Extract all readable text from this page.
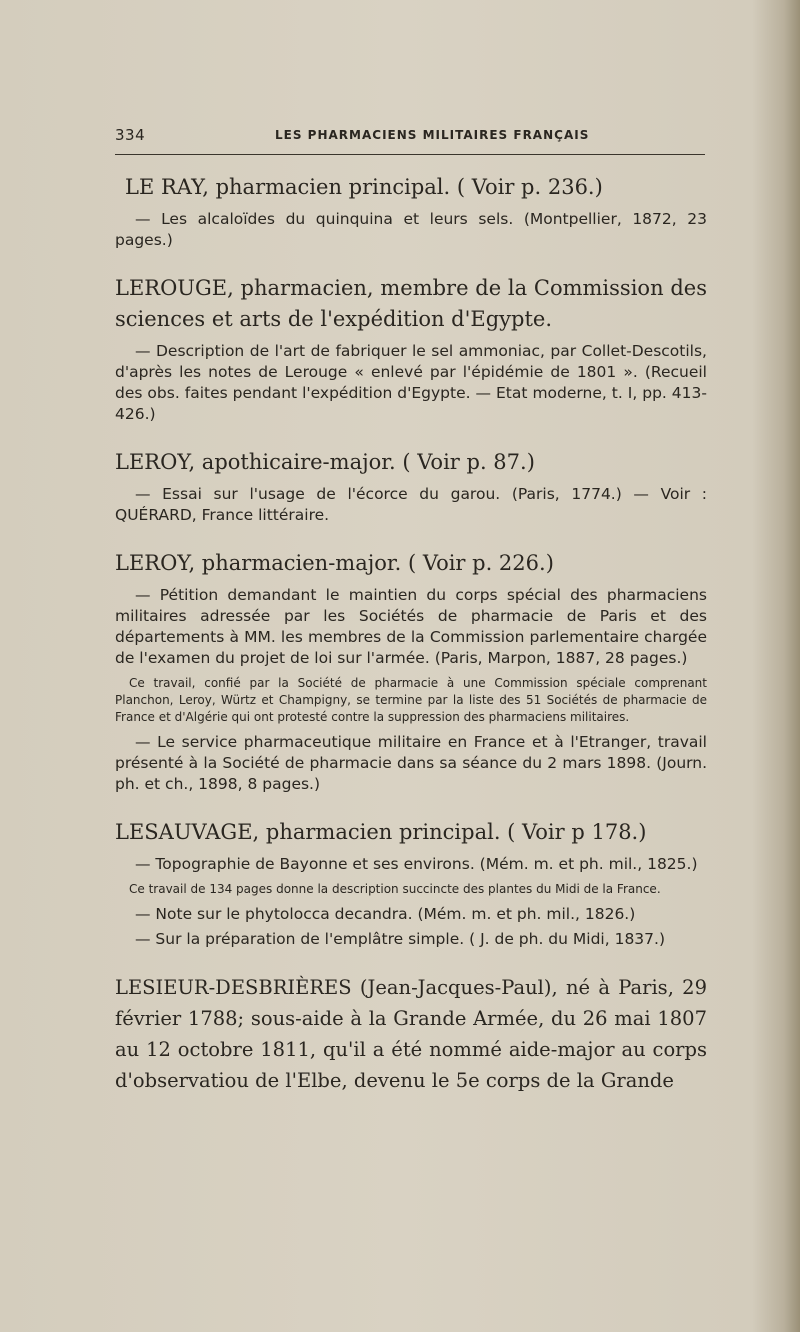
334	LES PHARMACIENS MILITAIRES FRANÇAIS
LE RAY, pharmacien principal. ( Voir p. 236.)

— Les alcaloïdes du quinquina et leurs sels. (Montpellier, 1872, 23 pages.)

LEROUGE, pharmacien, membre de la Commission des sciences et arts de l'expédition d'Egypte.

— Description de l'art de fabriquer le sel ammoniac, par Collet-Descotils, d'après les notes de Lerouge « enlevé par l'épidémie de 1801 ». (Recueil des obs. faites pendant l'expédition d'Egypte. — Etat moderne, t. I, pp. 413-426.)

LEROY, apothicaire-major. ( Voir p. 87.)

— Essai sur l'usage de l'écorce du garou. (Paris, 1774.) — Voir : QUÉRARD, France littéraire.

LEROY, pharmacien-major. ( Voir p. 226.)

— Pétition demandant le maintien du corps spécial des pharmaciens militaires adressée par les Sociétés de pharmacie de Paris et des départements à MM. les membres de la Commission parlementaire chargée de l'examen du projet de loi sur l'armée. (Paris, Marpon, 1887, 28 pages.)

Ce travail, confié par la Société de pharmacie à une Commission spéciale comprenant Planchon, Leroy, Würtz et Champigny, se termine par la liste des 51 Sociétés de pharmacie de France et d'Algérie qui ont protesté contre la suppression des pharmaciens militaires.

— Le service pharmaceutique militaire en France et à l'Etranger, travail présenté à la Société de pharmacie dans sa séance du 2 mars 1898. (Journ. ph. et ch., 1898, 8 pages.)

LESAUVAGE, pharmacien principal. ( Voir p 178.)

— Topographie de Bayonne et ses environs. (Mém. m. et ph. mil., 1825.)

Ce travail de 134 pages donne la description succincte des plantes du Midi de la France.

— Note sur le phytolocca decandra. (Mém. m. et ph. mil., 1826.)

— Sur la préparation de l'emplâtre simple. ( J. de ph. du Midi, 1837.)

LESIEUR-DESBRIÈRES (Jean-Jacques-Paul), né à Paris, 29 février 1788; sous-aide à la Grande Armée, du 26 mai 1807 au 12 octobre 1811, qu'il a été nommé aide-major au corps d'observatiou de l'Elbe, devenu le 5e corps de la Grande
